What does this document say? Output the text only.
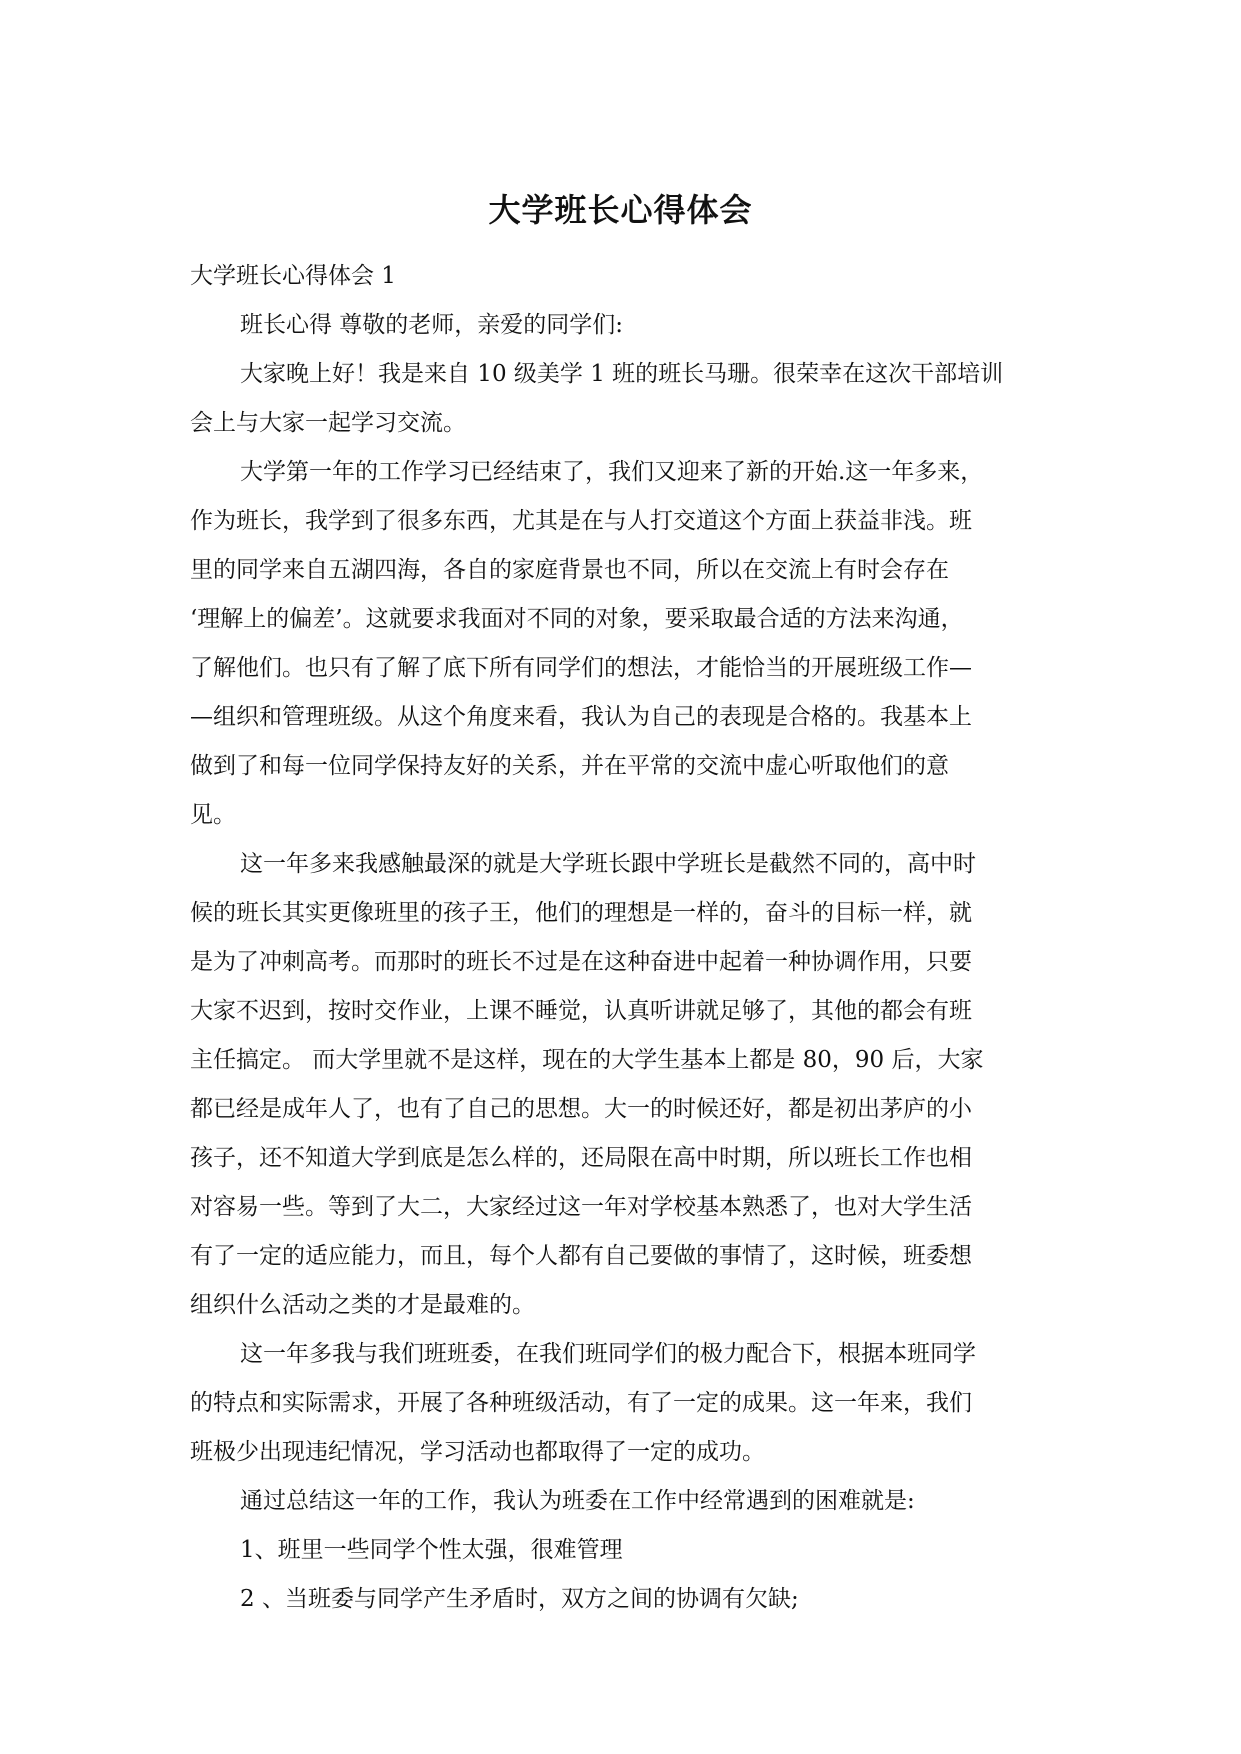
大学班长心得体会
大学班长心得体会 1
班长心得 尊敬的老师，亲爱的同学们:
大家晚上好！我是来自 10 级美学 1 班的班长马珊。很荣幸在这次干部培训
会上与大家一起学习交流。
大学第一年的工作学习已经结束了，我们又迎来了新的开始.这一年多来，
作为班长，我学到了很多东西，尤其是在与人打交道这个方面上获益非浅。班
里的同学来自五湖四海，各自的家庭背景也不同，所以在交流上有时会存在
‘理解上的偏差’。这就要求我面对不同的对象，要采取最合适的方法来沟通，
了解他们。也只有了解了底下所有同学们的想法，才能恰当的开展班级工作—
—组织和管理班级。从这个角度来看，我认为自己的表现是合格的。我基本上
做到了和每一位同学保持友好的关系，并在平常的交流中虚心听取他们的意
见。
这一年多来我感触最深的就是大学班长跟中学班长是截然不同的，高中时
候的班长其实更像班里的孩子王，他们的理想是一样的，奋斗的目标一样，就
是为了冲刺高考。而那时的班长不过是在这种奋进中起着一种协调作用，只要
大家不迟到，按时交作业，上课不睡觉，认真听讲就足够了，其他的都会有班
主任搞定。 而大学里就不是这样，现在的大学生基本上都是 80，90 后，大家
都已经是成年人了，也有了自己的思想。大一的时候还好，都是初出茅庐的小
孩子，还不知道大学到底是怎么样的，还局限在高中时期，所以班长工作也相
对容易一些。等到了大二，大家经过这一年对学校基本熟悉了，也对大学生活
有了一定的适应能力，而且，每个人都有自己要做的事情了，这时候，班委想
组织什么活动之类的才是最难的。
这一年多我与我们班班委，在我们班同学们的极力配合下，根据本班同学
的特点和实际需求，开展了各种班级活动，有了一定的成果。这一年来，我们
班极少出现违纪情况，学习活动也都取得了一定的成功。
通过总结这一年的工作，我认为班委在工作中经常遇到的困难就是:
1、班里一些同学个性太强，很难管理
2 、当班委与同学产生矛盾时，双方之间的协调有欠缺;
